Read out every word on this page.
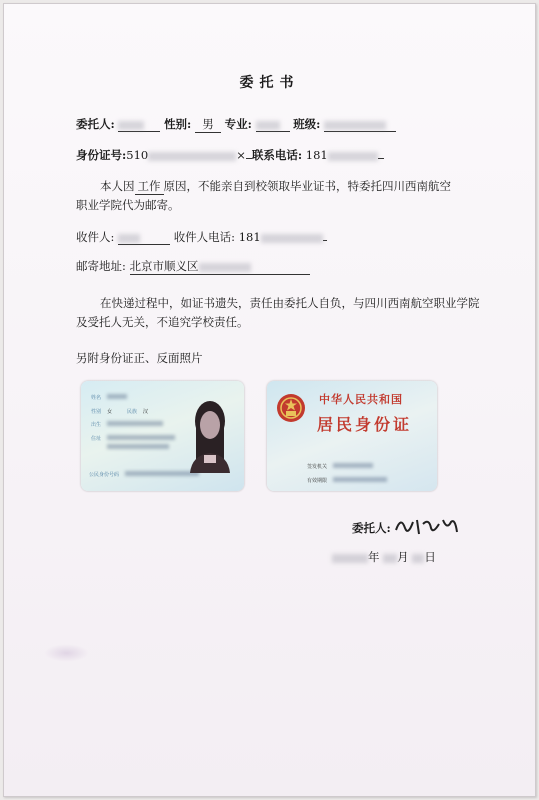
委托书
委托人:	性别: 男 专业:	班级:
身份证号:510	× 联系电话: 181
本人因 工作 原因，不能亲自到校领取毕业证书，特委托四川西南航空
职业学院代为邮寄。
收件人:	收件人电话: 181
邮寄地址: 北京市顺义区
在快递过程中，如证书遗失，责任由委托人自负，与四川西南航空职业学院
及受托人无关，不追究学校责任。
另附身份证正、反面照片
姓名
性别 女	民族 汉
出生
住址
公民身份号码
中华人民共和国
居民身份证
签发机关
有效期限
委托人:
年 月 日
